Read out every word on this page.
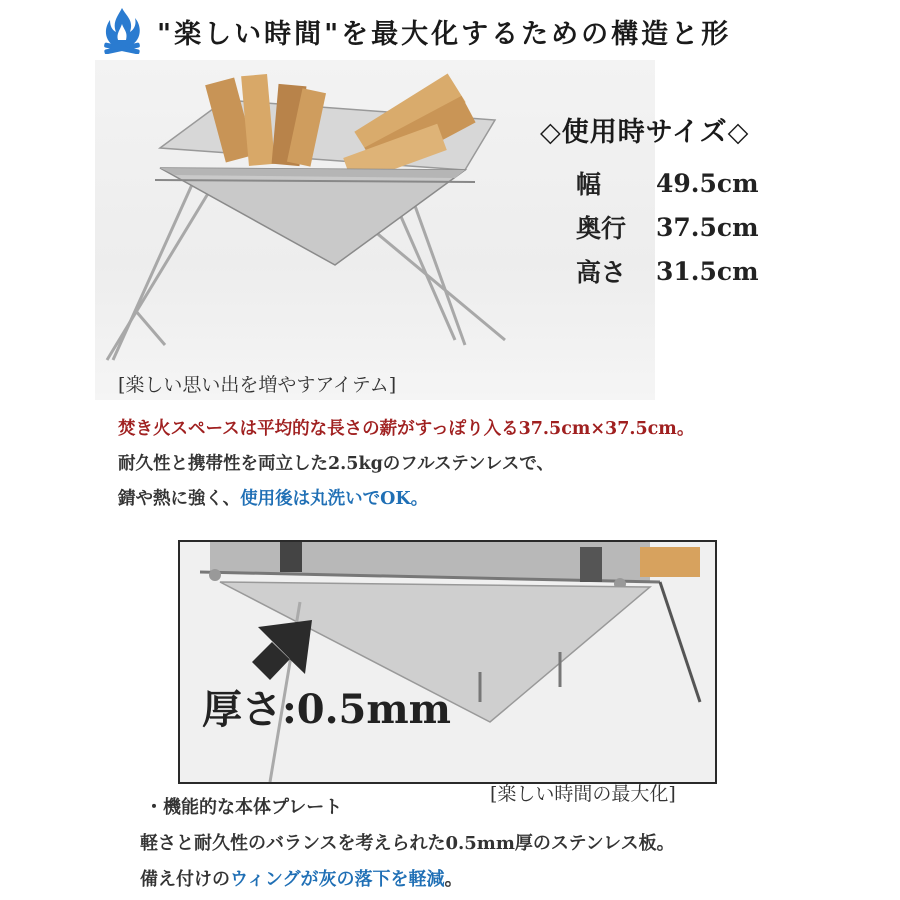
"楽しい時間"を最大化するための構造と形
◇使用時サイズ◇
幅	49.5cm
奥行	37.5cm
高さ	31.5cm
[楽しい思い出を増やすアイテム]
焚き火スペースは平均的な長さの薪がすっぽり入る37.5cm×37.5cm。
耐久性と携帯性を両立した2.5kgのフルステンレスで、
錆や熱に強く、使用後は丸洗いでOK。
厚さ:0.5mm
[楽しい時間の最大化]
・機能的な本体プレート
軽さと耐久性のバランスを考えられた0.5mm厚のステンレス板。
備え付けのウィングが灰の落下を軽減。
